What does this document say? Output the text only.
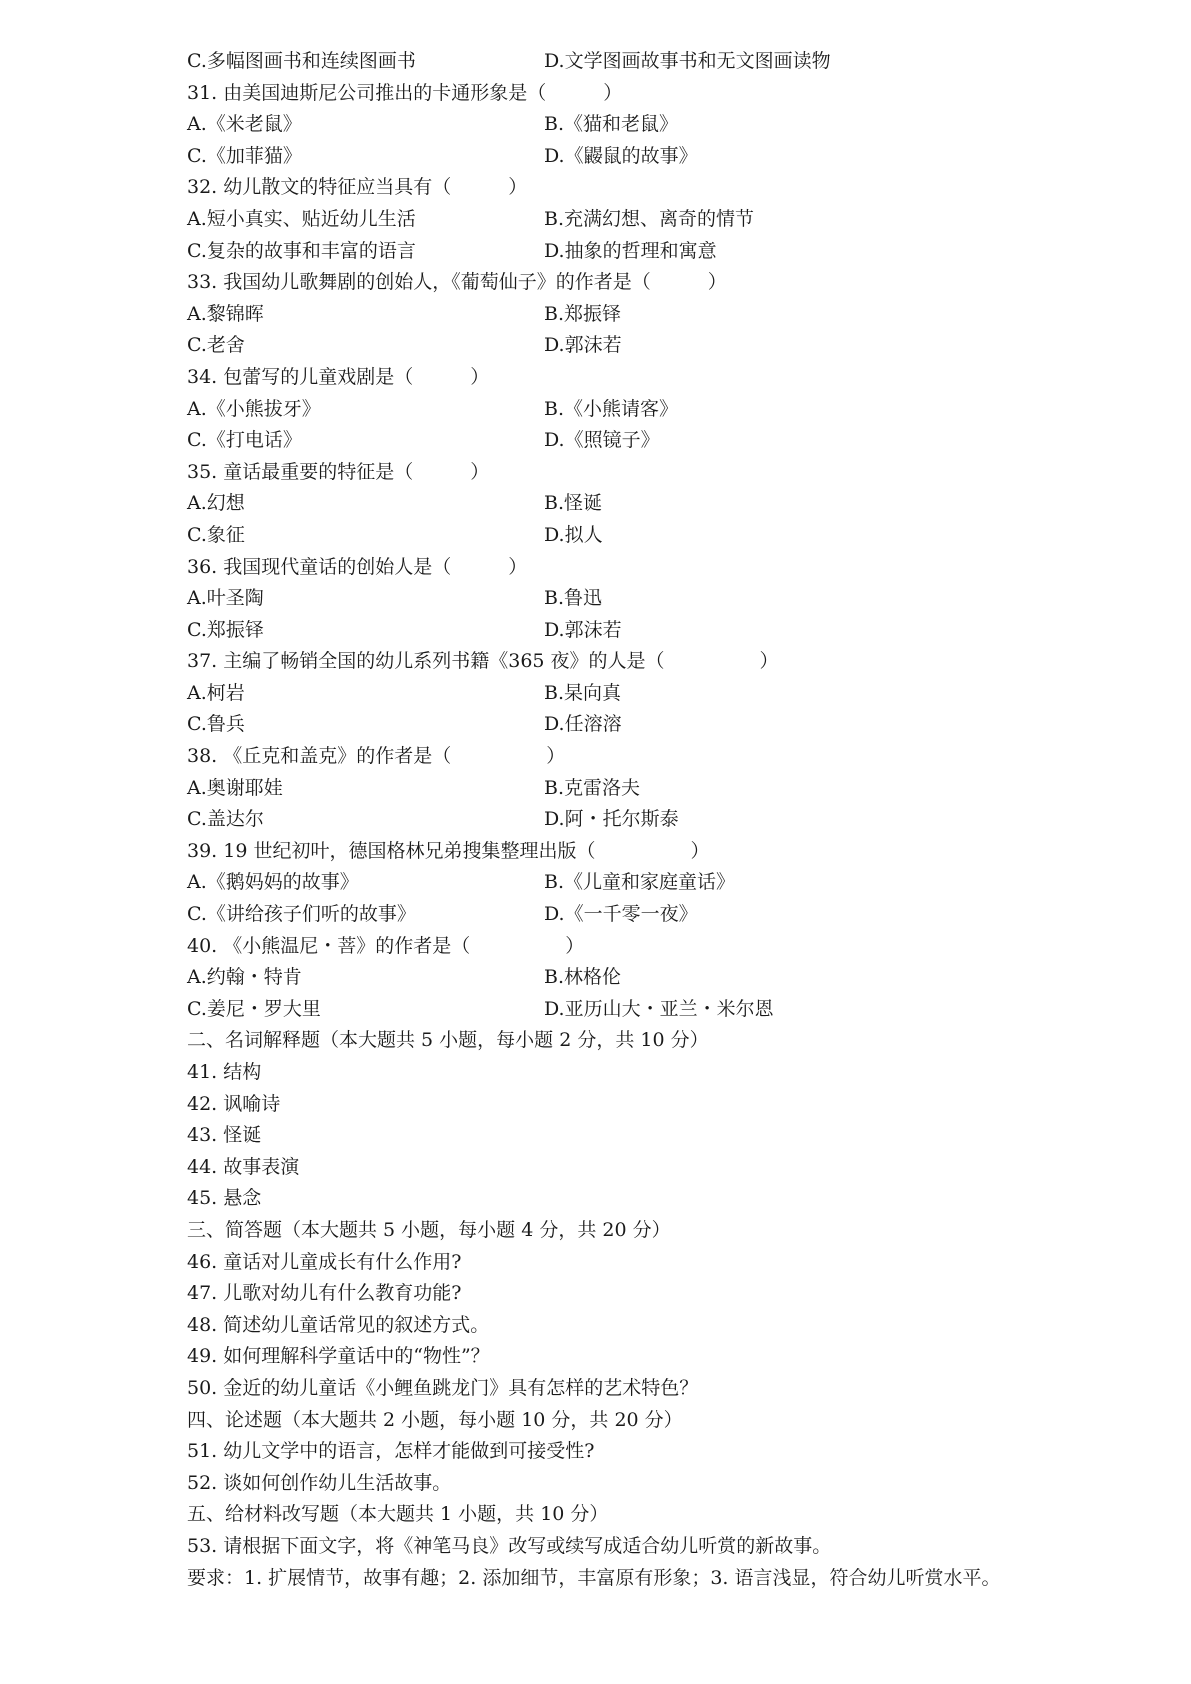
C.多幅图画书和连续图画书	D.文学图画故事书和无文图画读物
31. 由美国迪斯尼公司推出的卡通形象是（　　　）
A.《米老鼠》	B.《猫和老鼠》
C.《加菲猫》	D.《鼹鼠的故事》
32. 幼儿散文的特征应当具有（　　　）
A.短小真实、贴近幼儿生活	B.充满幻想、离奇的情节
C.复杂的故事和丰富的语言	D.抽象的哲理和寓意
33. 我国幼儿歌舞剧的创始人，《葡萄仙子》的作者是（　　　）
A.黎锦晖	B.郑振铎
C.老舍	D.郭沫若
34. 包蕾写的儿童戏剧是（　　　）
A.《小熊拔牙》	B.《小熊请客》
C.《打电话》	D.《照镜子》
35. 童话最重要的特征是（　　　）
A.幻想	B.怪诞
C.象征	D.拟人
36. 我国现代童话的创始人是（　　　）
A.叶圣陶	B.鲁迅
C.郑振铎	D.郭沫若
37. 主编了畅销全国的幼儿系列书籍《365 夜》的人是（　　　　　）
A.柯岩	B.杲向真
C.鲁兵	D.任溶溶
38. 《丘克和盖克》的作者是（　　　　　）
A.奥谢耶娃	B.克雷洛夫
C.盖达尔	D.阿・托尔斯泰
39. 19 世纪初叶，德国格林兄弟搜集整理出版（　　　　　）
A.《鹅妈妈的故事》	B.《儿童和家庭童话》
C.《讲给孩子们听的故事》	D.《一千零一夜》
40. 《小熊温尼・菩》的作者是（　　　　　）
A.约翰・特肯	B.林格伦
C.姜尼・罗大里	D.亚历山大・亚兰・米尔恩
二、名词解释题（本大题共 5 小题，每小题 2 分，共 10 分）
41. 结构
42. 讽喻诗
43. 怪诞
44. 故事表演
45. 悬念
三、简答题（本大题共 5 小题，每小题 4 分，共 20 分）
46. 童话对儿童成长有什么作用?
47. 儿歌对幼儿有什么教育功能?
48. 简述幼儿童话常见的叙述方式。
49. 如何理解科学童话中的“物性”？
50. 金近的幼儿童话《小鲤鱼跳龙门》具有怎样的艺术特色？
四、论述题（本大题共 2 小题，每小题 10 分，共 20 分）
51. 幼儿文学中的语言，怎样才能做到可接受性?
52. 谈如何创作幼儿生活故事。
五、给材料改写题（本大题共 1 小题，共 10 分）
53. 请根据下面文字，将《神笔马良》改写或续写成适合幼儿听赏的新故事。
要求：1. 扩展情节，故事有趣；2. 添加细节，丰富原有形象；3. 语言浅显，符合幼儿听赏水平。
